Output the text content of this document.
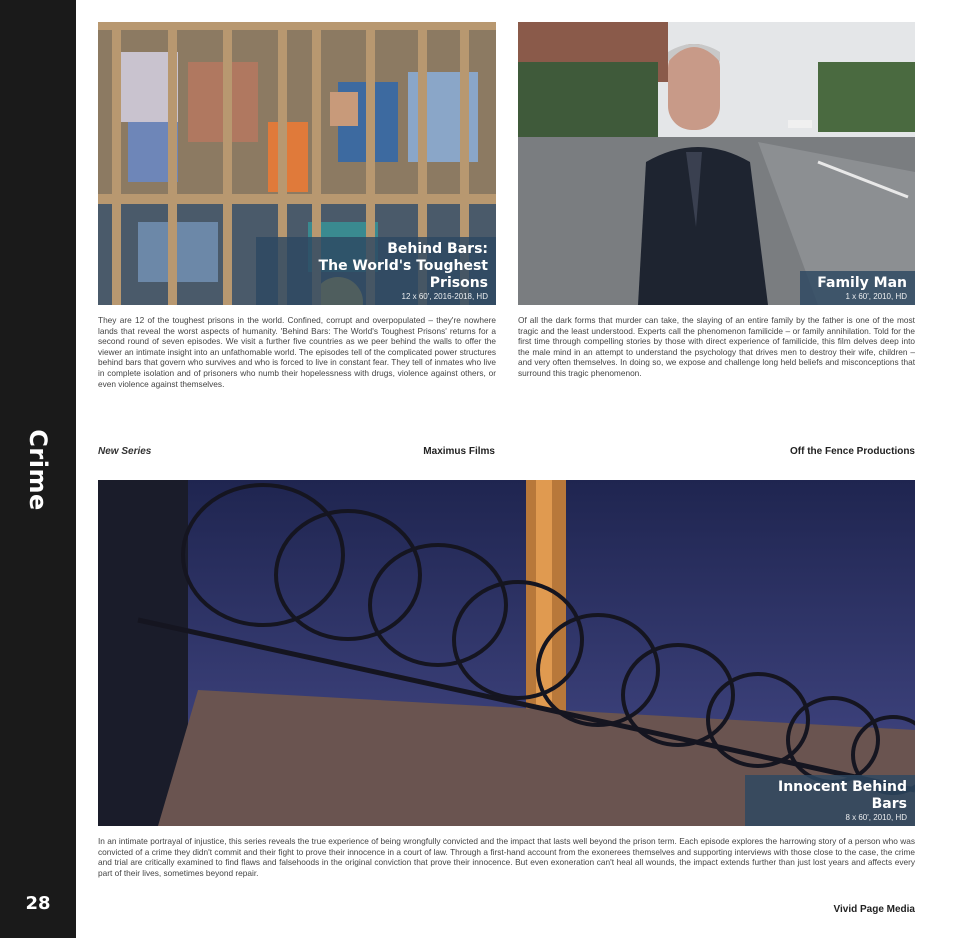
Crime
28
Behind Bars:
The World's Toughest Prisons
12 x 60', 2016-2018, HD
They are 12 of the toughest prisons in the world. Confined, corrupt and overpopulated – they're nowhere lands that reveal the worst aspects of humanity. 'Behind Bars: The World's Toughest Prisons' returns for a second round of seven episodes. We visit a further five countries as we peer behind the walls to offer the viewer an intimate insight into an unfathomable world. The episodes tell of the complicated power structures behind bars that govern who survives and who is forced to live in constant fear. They tell of inmates who live in complete isolation and of prisoners who numb their hopelessness with drugs, violence against others, or even violence against themselves.
New Series	Maximus Films
Family Man
1 x 60', 2010, HD
Of all the dark forms that murder can take, the slaying of an entire family by the father is one of the most tragic and the least understood. Experts call the phenomenon familicide – or family annihilation. Told for the first time through compelling stories by those with direct experience of familicide, this film delves deep into the male mind in an attempt to understand the psychology that drives men to destroy their wife, children – and very often themselves. In doing so, we expose and challenge long held beliefs and misconceptions that surround this tragic phenomenon.
Off the Fence Productions
Innocent Behind Bars
8 x 60', 2010, HD
In an intimate portrayal of injustice, this series reveals the true experience of being wrongfully convicted and the impact that lasts well beyond the prison term. Each episode explores the harrowing story of a person who was convicted of a crime they didn't commit and their fight to prove their innocence in a court of law. Through a first-hand account from the exonerees themselves and supporting interviews with those close to the case, the crime and trial are critically examined to find flaws and falsehoods in the original conviction that prove their innocence. But even exoneration can't heal all wounds, the impact extends further than just lost years and affects every part of their lives, sometimes beyond repair.
Vivid Page Media
